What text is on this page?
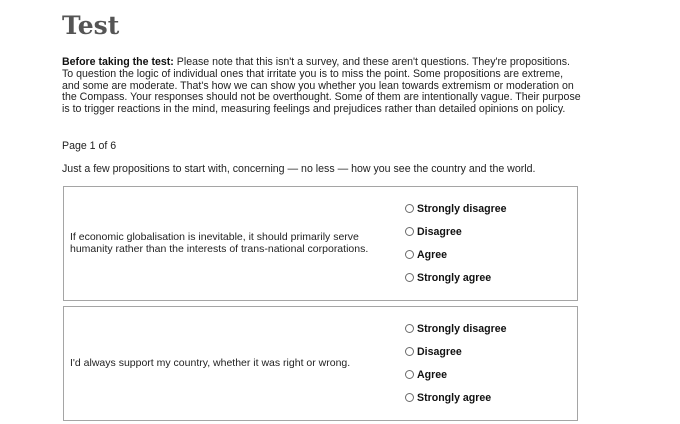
Test

Before taking the test: Please note that this isn't a survey, and these aren't questions. They're propositions. To question the logic of individual ones that irritate you is to miss the point. Some propositions are extreme, and some are moderate. That's how we can show you whether you lean towards extremism or moderation on the Compass. Your responses should not be overthought. Some of them are intentionally vague. Their purpose is to trigger reactions in the mind, measuring feelings and prejudices rather than detailed opinions on policy.

Page 1 of 6

Just a few propositions to start with, concerning — no less — how you see the country and the world.

If economic globalisation is inevitable, it should primarily serve humanity rather than the interests of trans-national corporations.
Strongly disagree
Disagree
Agree
Strongly agree
I'd always support my country, whether it was right or wrong.
Strongly disagree
Disagree
Agree
Strongly agree
